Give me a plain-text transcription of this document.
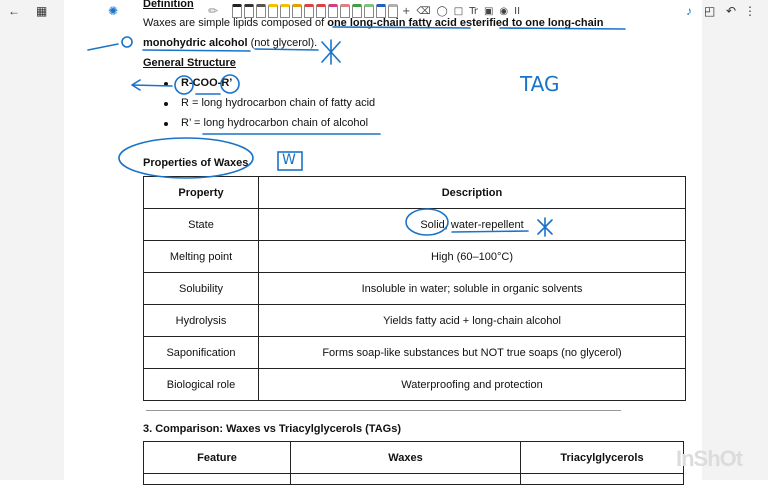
← ▦	✺	✏	+ ⌫ ◯ □ Tr ▣ ◉ II	♪ ◰ ↶ ⋮
Definition
Waxes are simple lipids composed of one long-chain fatty acid esterified to one long-chain
monohydric alcohol (not glycerol).
General Structure
R-COO-R’
R = long hydrocarbon chain of fatty acid
R’ = long hydrocarbon chain of alcohol
Properties of Waxes
Property	Description
State	Solid, water-repellent
Melting point	High (60–100°C)
Solubility	Insoluble in water; soluble in organic solvents
Hydrolysis	Yields fatty acid + long-chain alcohol
Saponification	Forms soap-like substances but NOT true soaps (no glycerol)
Biological role	Waterproofing and protection
3. Comparison: Waxes vs Triacylglycerols (TAGs)
Feature	Waxes	Triacylglycerols

TAG
W
InShOt
